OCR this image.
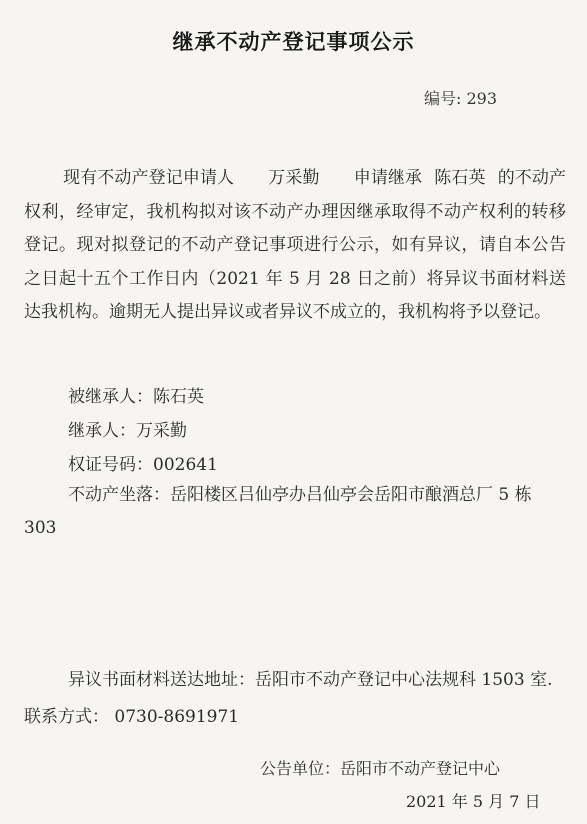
继承不动产登记事项公示
编号: 293
现有不动产登记申请人 万采勤 申请继承 陈石英 的不动产权利，经审定，我机构拟对该不动产办理因继承取得不动产权利的转移登记。现对拟登记的不动产登记事项进行公示，如有异议，请自本公告之日起十五个工作日内（2021 年 5 月 28 日之前）将异议书面材料送达我机构。逾期无人提出异议或者异议不成立的，我机构将予以登记。
被继承人：陈石英
继承人：万采勤
权证号码：002641
不动产坐落：岳阳楼区吕仙亭办吕仙亭会岳阳市酿酒总厂 5 栋 303
异议书面材料送达地址：岳阳市不动产登记中心法规科 1503 室. 联系方式： 0730-8691971
公告单位：岳阳市不动产登记中心
2021 年 5 月 7 日
